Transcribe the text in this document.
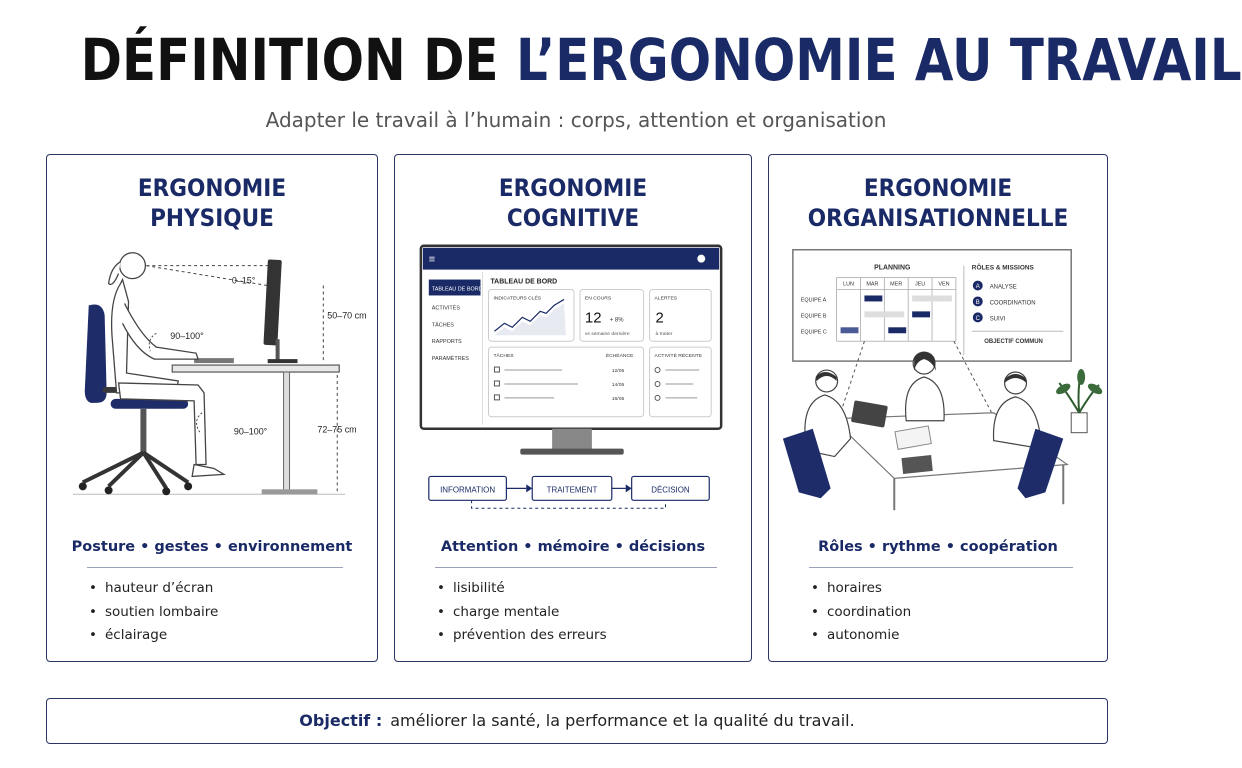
DÉFINITION DE L’ERGONOMIE AU TRAVAIL
Adapter le travail à l’humain : corps, attention et organisation
ERGONOMIE
PHYSIQUE
0–15°
90–100°
90–100°
50–70 cm
72–75 cm
Posture • gestes • environnement
• hauteur d’écran
• soutien lombaire
• éclairage
ERGONOMIE
COGNITIVE
≡
TABLEAU DE BORD
ACTIVITÉS
TÂCHES
RAPPORTS
PARAMÈTRES
TABLEAU DE BORD
INDICATEURS CLÉS	EN COURS
12 + 8%
vs semaine dernière
ALERTES
2
à traiter
TÂCHES	ÉCHÉANCE
12/05
14/05
16/05
ACTIVITÉ RÉCENTE
INFORMATION	TRAITEMENT	DÉCISION
Attention • mémoire • décisions
• lisibilité
• charge mentale
• prévention des erreurs
ERGONOMIE
ORGANISATIONNELLE
PLANNING
LUN MAR MER JEU VEN
ÉQUIPE A
ÉQUIPE B
ÉQUIPE C
RÔLES & MISSIONS
A ANALYSE
B COORDINATION
C SUIVI
OBJECTIF COMMUN
Rôles • rythme • coopération
• horaires
• coordination
• autonomie
Objectif : améliorer la santé, la performance et la qualité du travail.
